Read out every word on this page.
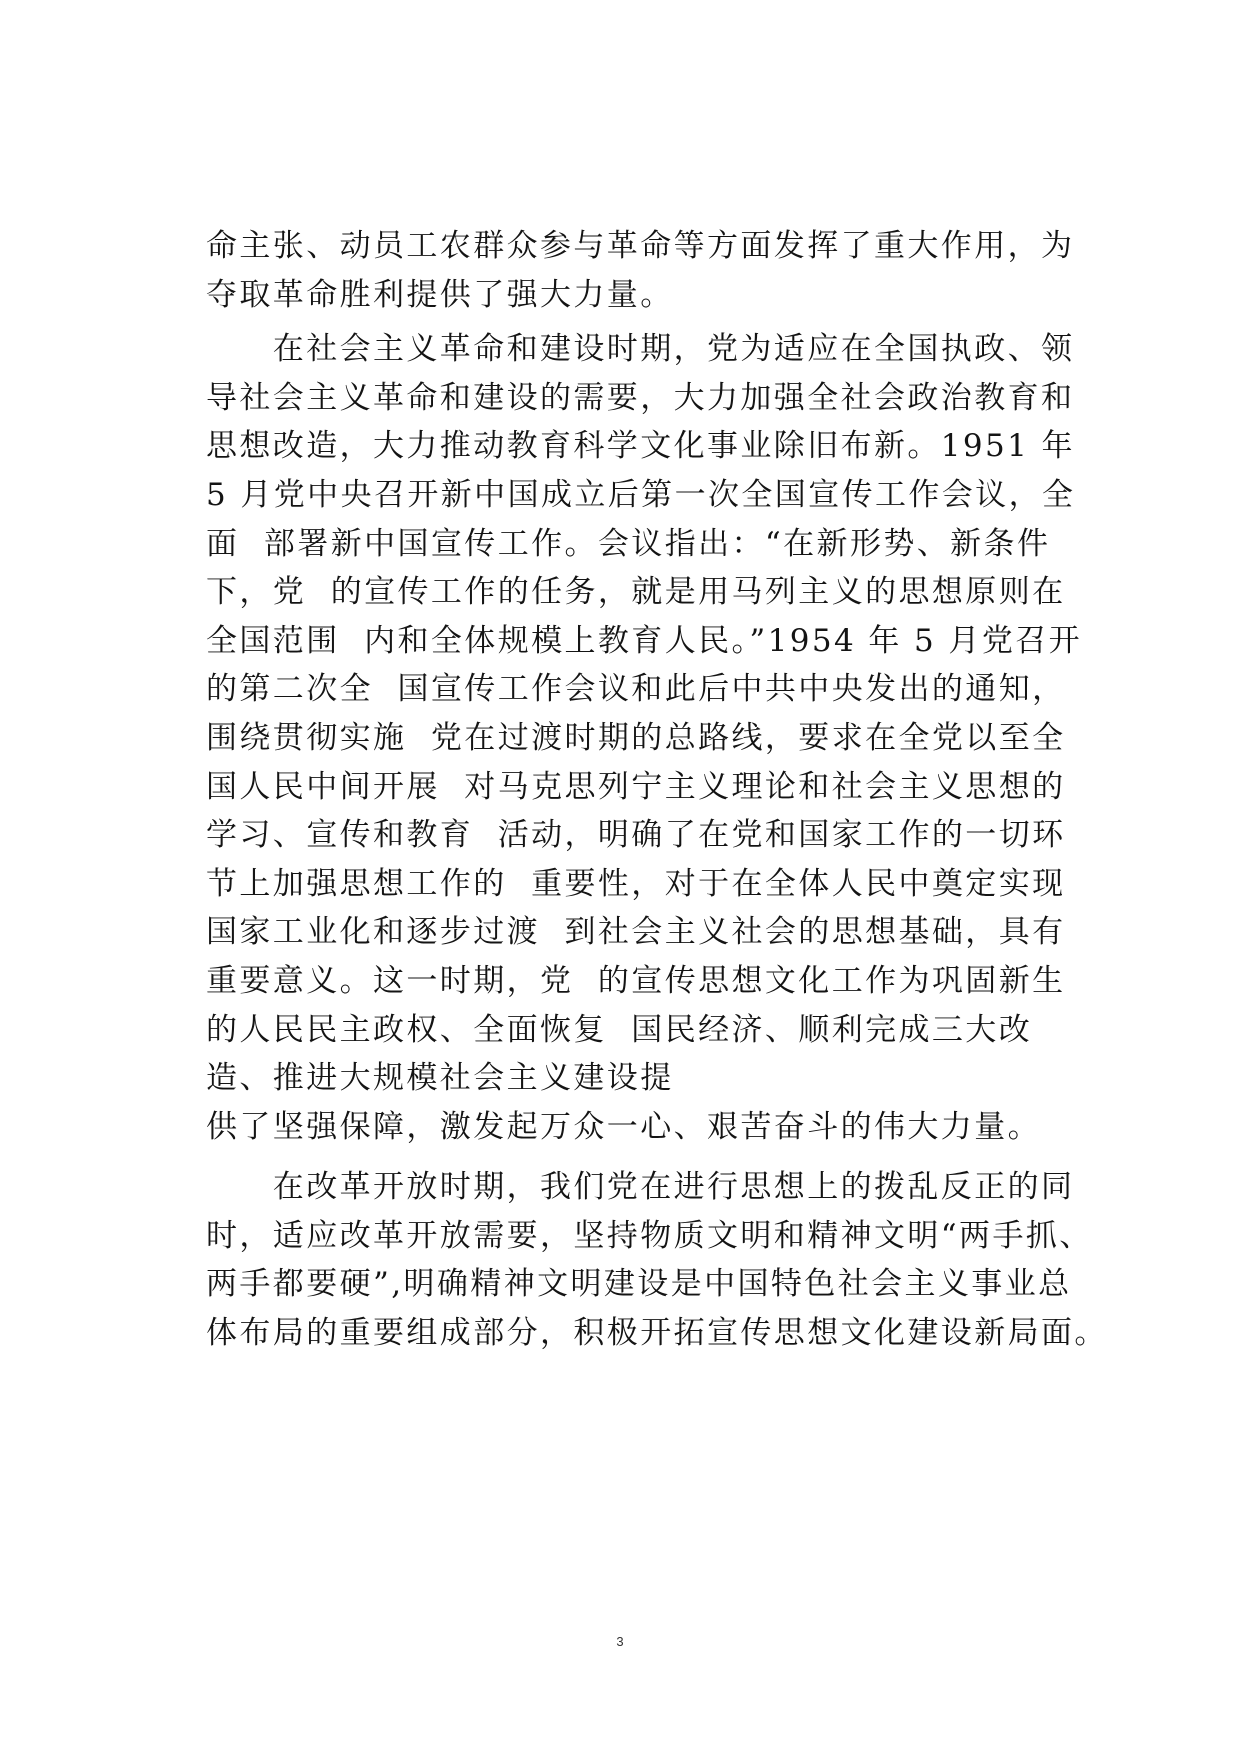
命主张、动员工农群众参与革命等方面发挥了重大作用，为
夺取革命胜利提供了强大力量。
　　在社会主义革命和建设时期，党为适应在全国执政、领
导社会主义革命和建设的需要，大力加强全社会政治教育和
思想改造，大力推动教育科学文化事业除旧布新。1951 年
5 月党中央召开新中国成立后第一次全国宣传工作会议，全
面  部署新中国宣传工作。会议指出：“在新形势、新条件
下，党  的宣传工作的任务，就是用马列主义的思想原则在
全国范围  内和全体规模上教育人民。”1954 年 5 月党召开
的第二次全  国宣传工作会议和此后中共中央发出的通知，
围绕贯彻实施  党在过渡时期的总路线，要求在全党以至全
国人民中间开展  对马克思列宁主义理论和社会主义思想的
学习、宣传和教育  活动，明确了在党和国家工作的一切环
节上加强思想工作的  重要性，对于在全体人民中奠定实现
国家工业化和逐步过渡  到社会主义社会的思想基础，具有
重要意义。这一时期，党  的宣传思想文化工作为巩固新生
的人民民主政权、全面恢复  国民经济、顺利完成三大改
造、推进大规模社会主义建设提
供了坚强保障，激发起万众一心、艰苦奋斗的伟大力量。
　　在改革开放时期，我们党在进行思想上的拨乱反正的同
时，适应改革开放需要，坚持物质文明和精神文明“两手抓、
两手都要硬”,明确精神文明建设是中国特色社会主义事业总
体布局的重要组成部分，积极开拓宣传思想文化建设新局面。
3
